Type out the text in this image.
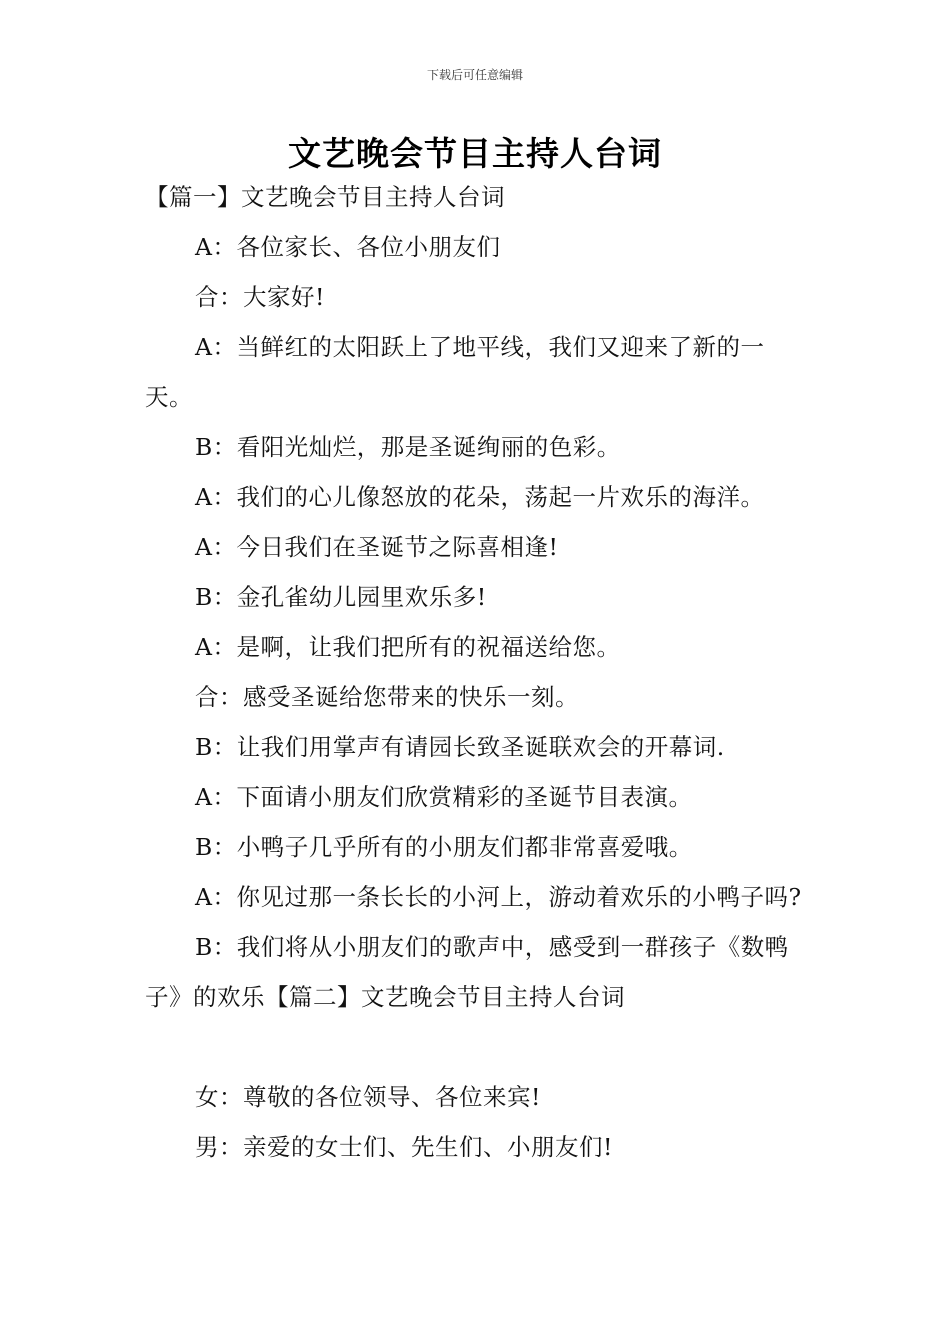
下载后可任意编辑
文艺晚会节目主持人台词

【篇一】文艺晚会节目主持人台词

A：各位家长、各位小朋友们

合：大家好!

A：当鲜红的太阳跃上了地平线，我们又迎来了新的一天。

B：看阳光灿烂，那是圣诞绚丽的色彩。

A：我们的心儿像怒放的花朵，荡起一片欢乐的海洋。

A：今日我们在圣诞节之际喜相逢!

B：金孔雀幼儿园里欢乐多!

A：是啊，让我们把所有的祝福送给您。

合：感受圣诞给您带来的快乐一刻。

B：让我们用掌声有请园长致圣诞联欢会的开幕词.

A：下面请小朋友们欣赏精彩的圣诞节目表演。

B：小鸭子几乎所有的小朋友们都非常喜爱哦。

A：你见过那一条长长的小河上，游动着欢乐的小鸭子吗?

B：我们将从小朋友们的歌声中，感受到一群孩子《数鸭子》的欢乐【篇二】文艺晚会节目主持人台词

女：尊敬的各位领导、各位来宾!

男：亲爱的女士们、先生们、小朋友们!
